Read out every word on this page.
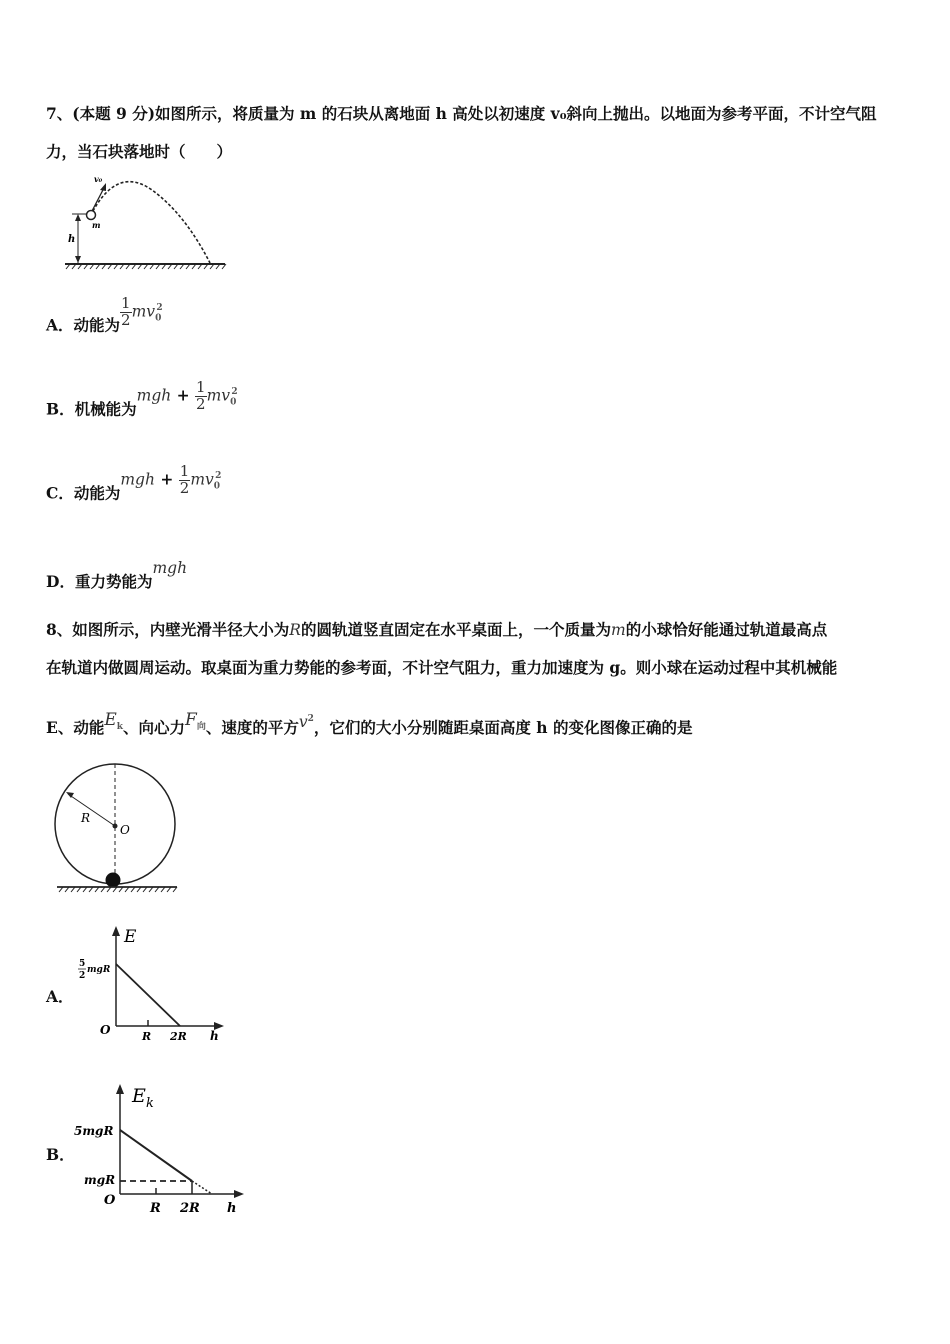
7、(本题 9 分)如图所示，将质量为 m 的石块从离地面 h 高处以初速度 v₀斜向上抛出。以地面为参考平面，不计空气阻
力，当石块落地时（　　）
h
m
v₀
A．动能为 $\frac{1}{2} mv_0^2$
B．机械能为mgh + $\frac{1}{2} mv_0^2$
C．动能为mgh + $\frac{1}{2} mv_0^2$
D．重力势能为mgh
8、如图所示，内壁光滑半径大小为R的圆轨道竖直固定在水平桌面上，一个质量为m的小球恰好能通过轨道最高点
在轨道内做圆周运动。取桌面为重力势能的参考面，不计空气阻力，重力加速度为 g。则小球在运动过程中其机械能
E、动能$E_k$、向心力$F_向$、速度的平方$v^2$，它们的大小分别随距桌面高度 h 的变化图像正确的是
R
O
A．
E
5
2
mgR
O	R 2R h
B．
E k
5mgR
mgR
O
R 2R h
